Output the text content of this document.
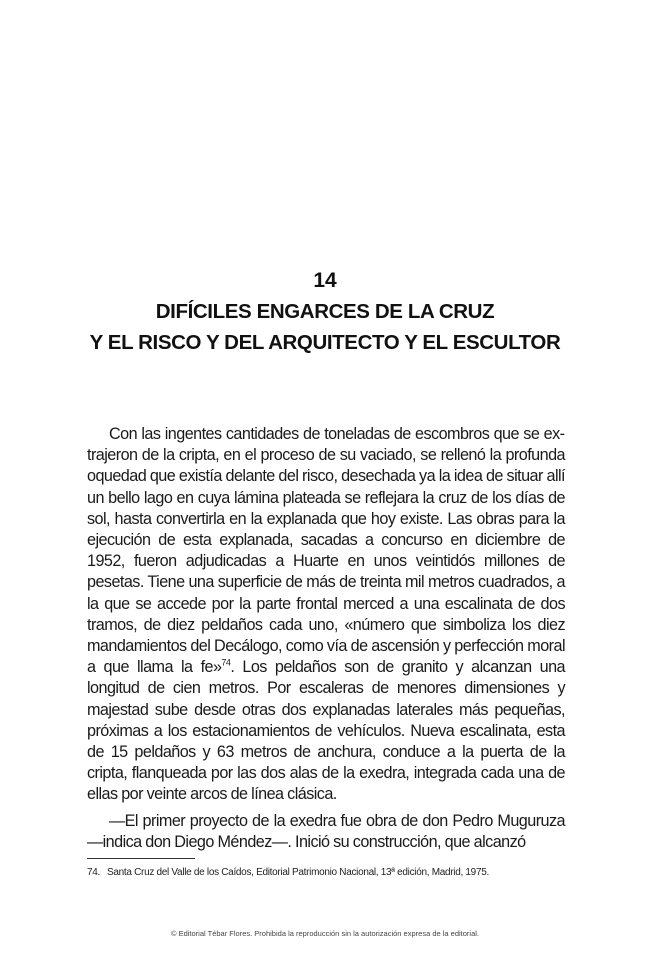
14
DIFÍCILES ENGARCES DE LA CRUZ
Y EL RISCO Y DEL ARQUITECTO Y EL ESCULTOR

Con las ingentes cantidades de toneladas de escombros que se extrajeron de la cripta, en el proceso de su vaciado, se rellenó la profunda oquedad que existía delante del risco, desechada ya la idea de situar allí un bello lago en cuya lámina plateada se reflejara la cruz de los días de sol, hasta convertirla en la explanada que hoy existe. Las obras para la ejecución de esta explanada, sacadas a concurso en diciembre de 1952, fueron adjudicadas a Huarte en unos veintidós millones de pesetas. Tiene una superficie de más de treinta mil metros cuadrados, a la que se accede por la parte frontal merced a una escalinata de dos tramos, de diez peldaños cada uno, «número que simboliza los diez mandamientos del Decálogo, como vía de ascensión y perfección moral a que llama la fe»$^{74}$. Los peldaños son de granito y alcanzan una longitud de cien metros. Por escaleras de menores dimensiones y majestad sube desde otras dos explanadas laterales más pequeñas, próximas a los estacionamientos de vehículos. Nueva escalinata, esta de 15 peldaños y 63 metros de anchura, conduce a la puerta de la cripta, flanqueada por las dos alas de la exedra, integrada cada una de ellas por veinte arcos de línea clásica.

—El primer proyecto de la exedra fue obra de don Pedro Muguruza —indica don Diego Méndez—. Inició su construcción, que alcanzó

74. Santa Cruz del Valle de los Caídos, Editorial Patrimonio Nacional, 13ª edición, Madrid, 1975.
© Editorial Tébar Flores. Prohibida la reproducción sin la autorización expresa de la editorial.
